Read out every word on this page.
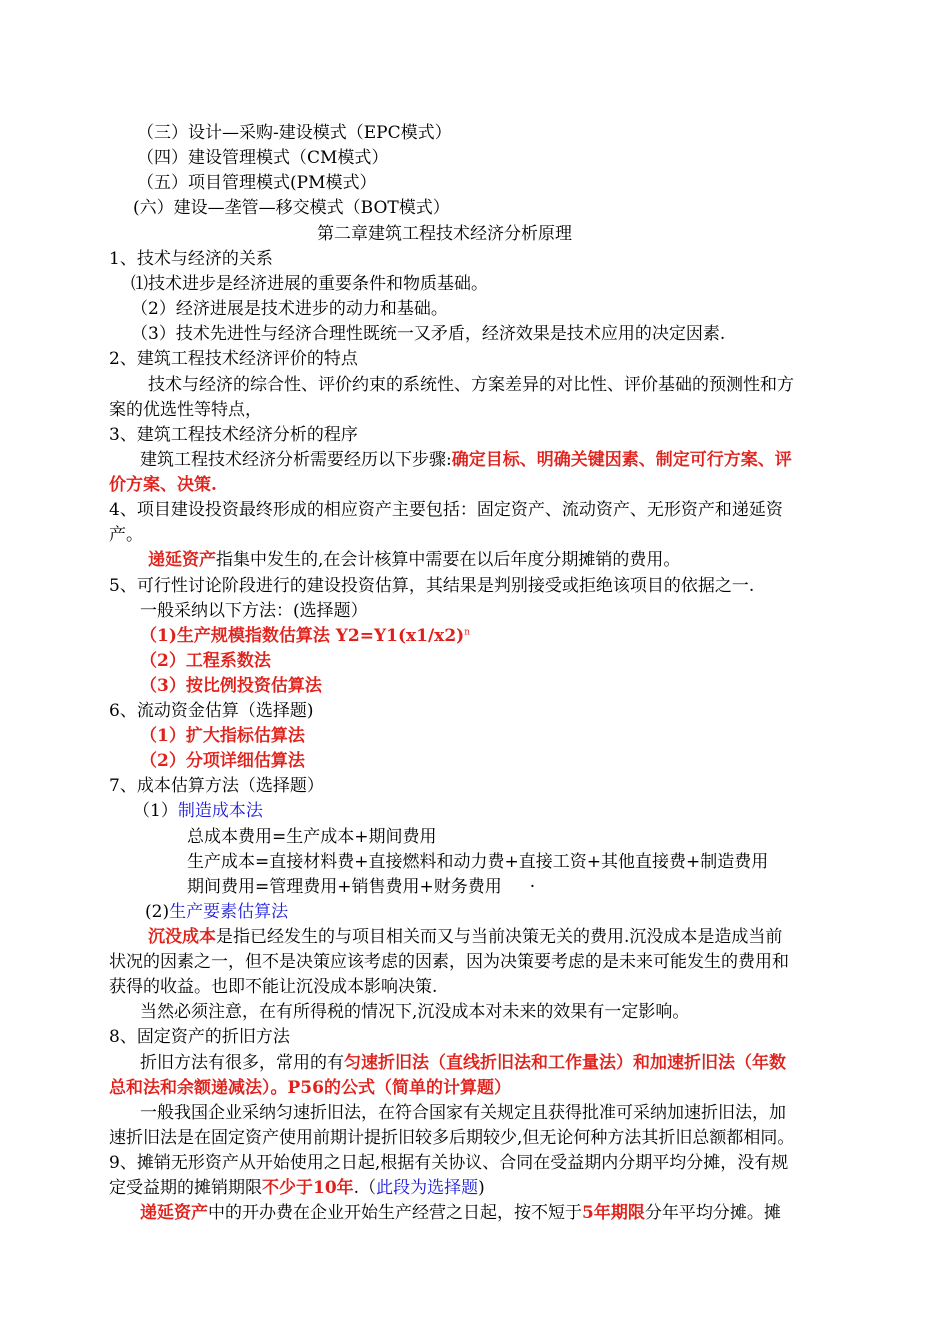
（三）设计—采购-建设模式（EPC模式）
（四）建设管理模式（CM模式）
（五）项目管理模式(PM模式）
(六）建设—垄管—移交模式（BOT模式）
第二章建筑工程技术经济分析原理
1、技术与经济的关系
⑴技术进步是经济进展的重要条件和物质基础。
（2）经济进展是技术进步的动力和基础。
（3）技术先进性与经济合理性既统一又矛盾，经济效果是技术应用的决定因素.
2、建筑工程技术经济评价的特点
技术与经济的综合性、评价约束的系统性、方案差异的对比性、评价基础的预测性和方
案的优选性等特点，
3、建筑工程技术经济分析的程序
建筑工程技术经济分析需要经历以下步骤:确定目标、明确关键因素、制定可行方案、评
价方案、决策.
4、项目建设投资最终形成的相应资产主要包括：固定资产、流动资产、无形资产和递延资
产。
递延资产指集中发生的,在会计核算中需要在以后年度分期摊销的费用。
5、可行性讨论阶段进行的建设投资估算，其结果是判别接受或拒绝该项目的依据之一.
一般采纳以下方法：(选择题）
（1)生产规模指数估算法 $Y2=Y1(x1/x2)^n$
（2）工程系数法
（3）按比例投资估算法
6、流动资金估算（选择题)
（1）扩大指标估算法
（2）分项详细估算法
7、成本估算方法（选择题）
（1）制造成本法
总成本费用=生产成本+期间费用
生产成本=直接材料费+直接燃料和动力费+直接工资+其他直接费+制造费用
期间费用=管理费用+销售费用+财务费用 ·
(2)生产要素估算法
沉没成本是指已经发生的与项目相关而又与当前决策无关的费用.沉没成本是造成当前
状况的因素之一，但不是决策应该考虑的因素，因为决策要考虑的是未来可能发生的费用和
获得的收益。也即不能让沉没成本影响决策.
当然必须注意，在有所得税的情况下,沉没成本对未来的效果有一定影响。
8、固定资产的折旧方法
折旧方法有很多，常用的有匀速折旧法（直线折旧法和工作量法）和加速折旧法（年数
总和法和余额递减法）。P56的公式（简单的计算题）
一般我国企业采纳匀速折旧法，在符合国家有关规定且获得批准可采纳加速折旧法，加
速折旧法是在固定资产使用前期计提折旧较多后期较少,但无论何种方法其折旧总额都相同。
9、摊销无形资产从开始使用之日起,根据有关协议、合同在受益期内分期平均分摊，没有规
定受益期的摊销期限不少于10年.（此段为选择题)
递延资产中的开办费在企业开始生产经营之日起，按不短于5年期限分年平均分摊。摊
